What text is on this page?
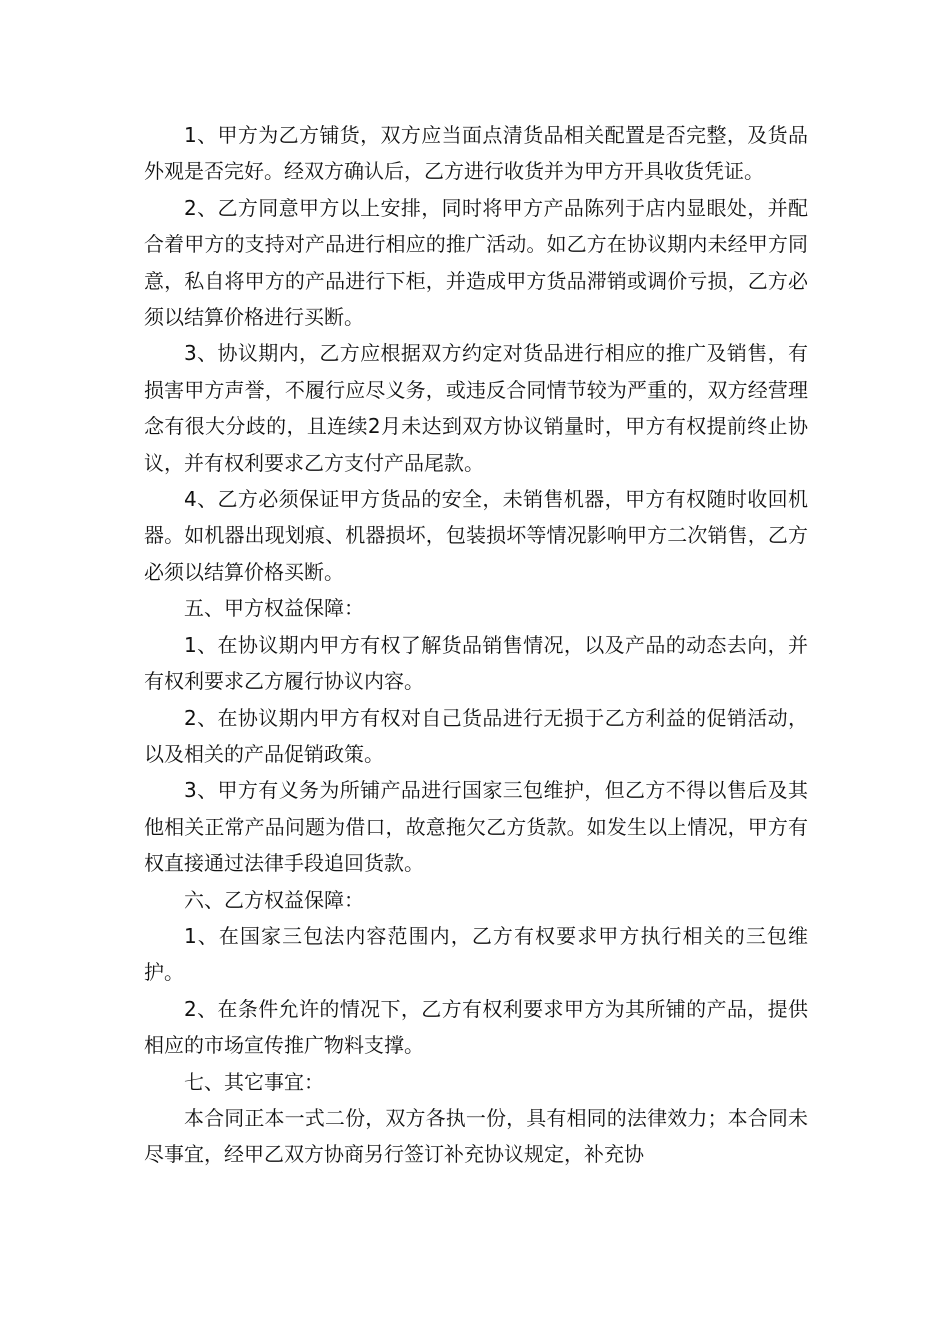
1、甲方为乙方铺货，双方应当面点清货品相关配置是否完整，及货品外观是否完好。经双方确认后，乙方进行收货并为甲方开具收货凭证。

2、乙方同意甲方以上安排，同时将甲方产品陈列于店内显眼处，并配合着甲方的支持对产品进行相应的推广活动。如乙方在协议期内未经甲方同意，私自将甲方的产品进行下柜，并造成甲方货品滞销或调价亏损，乙方必须以结算价格进行买断。

3、协议期内，乙方应根据双方约定对货品进行相应的推广及销售，有损害甲方声誉，不履行应尽义务，或违反合同情节较为严重的，双方经营理念有很大分歧的，且连续2月未达到双方协议销量时，甲方有权提前终止协议，并有权利要求乙方支付产品尾款。

4、乙方必须保证甲方货品的安全，未销售机器，甲方有权随时收回机器。如机器出现划痕、机器损坏，包装损坏等情况影响甲方二次销售，乙方必须以结算价格买断。

五、甲方权益保障：

1、在协议期内甲方有权了解货品销售情况，以及产品的动态去向，并有权利要求乙方履行协议内容。

2、在协议期内甲方有权对自己货品进行无损于乙方利益的促销活动，以及相关的产品促销政策。

3、甲方有义务为所铺产品进行国家三包维护，但乙方不得以售后及其他相关正常产品问题为借口，故意拖欠乙方货款。如发生以上情况，甲方有权直接通过法律手段追回货款。

六、乙方权益保障：

1、在国家三包法内容范围内，乙方有权要求甲方执行相关的三包维护。

2、在条件允许的情况下，乙方有权利要求甲方为其所铺的产品，提供相应的市场宣传推广物料支撑。

七、其它事宜：

本合同正本一式二份，双方各执一份，具有相同的法律效力；本合同未尽事宜，经甲乙双方协商另行签订补充协议规定，补充协
